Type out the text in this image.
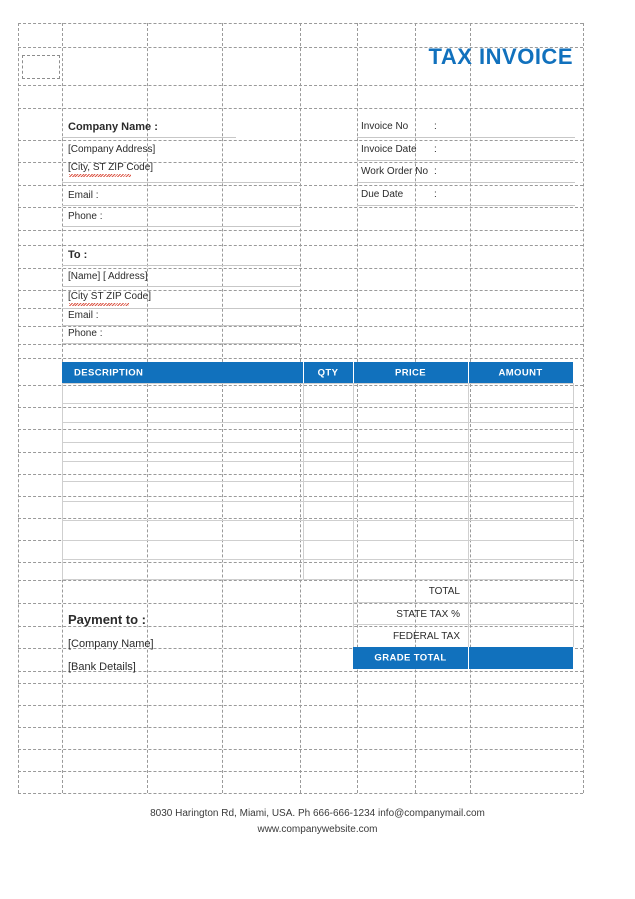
TAX INVOICE
Company Name :
[Company Address]
[City, ST ZIP Code]
Email :
Phone :
Invoice No	:
Invoice Date :
Work Order No :
Due Date	:
To :
[Name] [ Address]
[City ST ZIP Code]
Email :
Phone :
DESCRIPTION	QTY	PRICE	AMOUNT
TOTAL
STATE TAX %
FEDERAL TAX
GRADE TOTAL
Payment to :
[Company Name]
[Bank Details]
8030 Harington Rd, Miami, USA. Ph 666-666-1234 info@companymail.com
www.companywebsite.com
